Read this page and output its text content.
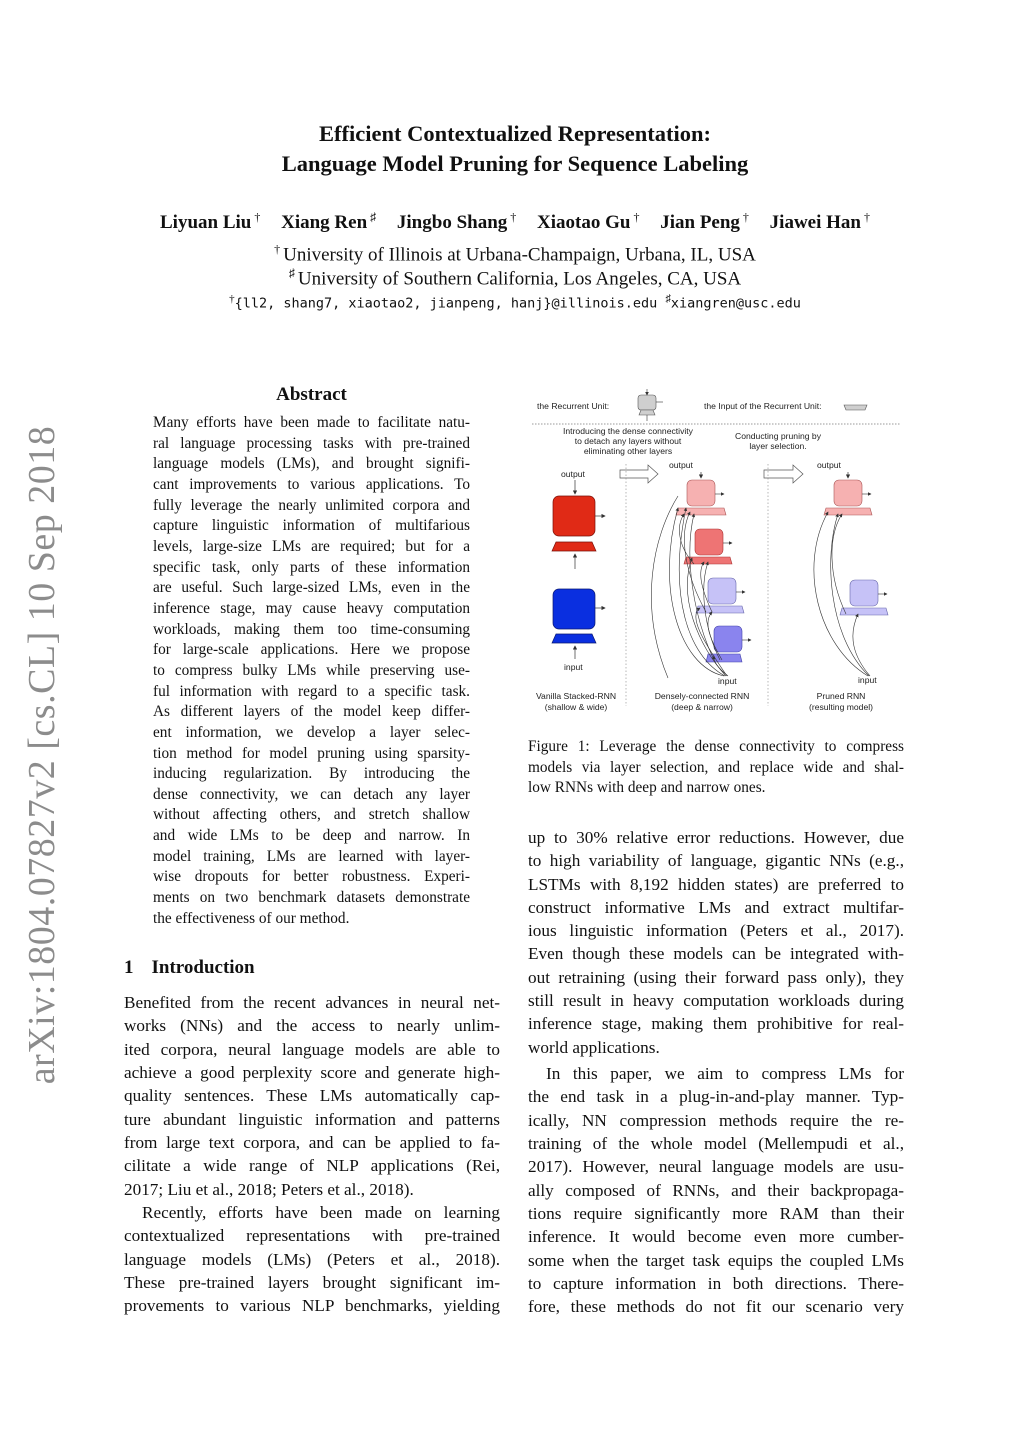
arXiv:1804.07827v2 [cs.CL] 10 Sep 2018
Efficient Contextualized Representation:
Language Model Pruning for Sequence Labeling
Liyuan Liu † Xiang Ren ♯ Jingbo Shang † Xiaotao Gu † Jian Peng † Jiawei Han †
† University of Illinois at Urbana-Champaign, Urbana, IL, USA
♯ University of Southern California, Los Angeles, CA, USA
†{ll2, shang7, xiaotao2, jianpeng, hanj}@illinois.edu ♯xiangren@usc.edu
Abstract

Many efforts have been made to facilitate natu-

ral language processing tasks with pre-trained

language models (LMs), and brought signifi-

cant improvements to various applications. To

fully leverage the nearly unlimited corpora and

capture linguistic information of multifarious

levels, large-size LMs are required; but for a

specific task, only parts of these information

are useful. Such large-sized LMs, even in the

inference stage, may cause heavy computation

workloads, making them too time-consuming

for large-scale applications. Here we propose

to compress bulky LMs while preserving use-

ful information with regard to a specific task.

As different layers of the model keep differ-

ent information, we develop a layer selec-

tion method for model pruning using sparsity-

inducing regularization. By introducing the

dense connectivity, we can detach any layer

without affecting others, and stretch shallow

and wide LMs to be deep and narrow. In

model training, LMs are learned with layer-

wise dropouts for better robustness. Experi-

ments on two benchmark datasets demonstrate

the effectiveness of our method.

1 Introduction

Benefited from the recent advances in neural net-

works (NNs) and the access to nearly unlim-

ited corpora, neural language models are able to

achieve a good perplexity score and generate high-

quality sentences. These LMs automatically cap-

ture abundant linguistic information and patterns

from large text corpora, and can be applied to fa-

cilitate a wide range of NLP applications (Rei,

2017; Liu et al., 2018; Peters et al., 2018).

Recently, efforts have been made on learning

contextualized representations with pre-trained

language models (LMs) (Peters et al., 2018).

These pre-trained layers brought significant im-

provements to various NLP benchmarks, yielding

the Recurrent Unit:	the Input of the Recurrent Unit:
Introducing the dense connectivity
to detach any layers without
eliminating other layers
Conducting pruning by
layer selection.
output
input
output
input
output
input
Vanilla Stacked-RNN
(shallow & wide)
Densely-connected RNN
(deep & narrow)
Pruned RNN
(resulting model)

Figure 1: Leverage the dense connectivity to compress

models via layer selection, and replace wide and shal-

low RNNs with deep and narrow ones.

up to 30% relative error reductions. However, due

to high variability of language, gigantic NNs (e.g.,

LSTMs with 8,192 hidden states) are preferred to

construct informative LMs and extract multifar-

ious linguistic information (Peters et al., 2017).

Even though these models can be integrated with-

out retraining (using their forward pass only), they

still result in heavy computation workloads during

inference stage, making them prohibitive for real-

world applications.

In this paper, we aim to compress LMs for

the end task in a plug-in-and-play manner. Typ-

ically, NN compression methods require the re-

training of the whole model (Mellempudi et al.,

2017). However, neural language models are usu-

ally composed of RNNs, and their backpropaga-

tions require significantly more RAM than their

inference. It would become even more cumber-

some when the target task equips the coupled LMs

to capture information in both directions. There-

fore, these methods do not fit our scenario very
